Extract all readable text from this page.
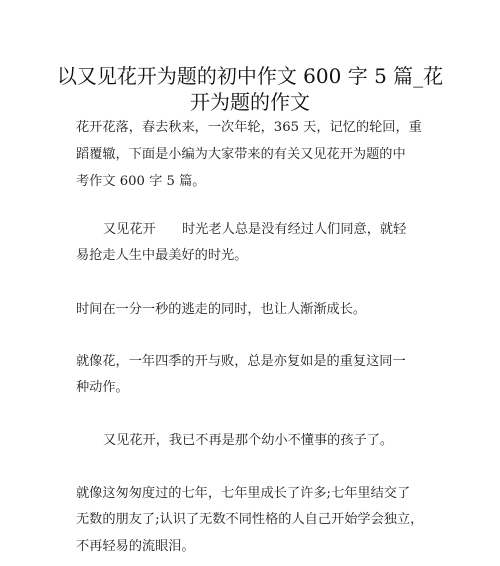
以又见花开为题的初中作文 600 字 5 篇_花
开为题的作文
花开花落，春去秋来，一次年轮，365 天，记忆的轮回，重
蹈覆辙，下面是小编为大家带来的有关又见花开为题的中
考作文 600 字 5 篇。
又见花开　　时光老人总是没有经过人们同意，就轻
易抢走人生中最美好的时光。
时间在一分一秒的逃走的同时，也让人渐渐成长。
就像花，一年四季的开与败，总是亦复如是的重复这同一
种动作。
又见花开，我已不再是那个幼小不懂事的孩子了。
就像这匆匆度过的七年，七年里成长了许多;七年里结交了
无数的朋友了;认识了无数不同性格的人自己开始学会独立，
不再轻易的流眼泪。
